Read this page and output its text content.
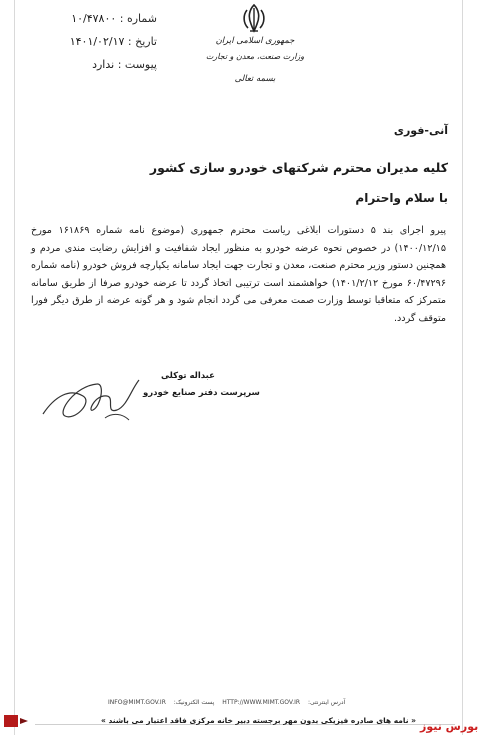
جمهوری اسلامی ایران
وزارت صنعت، معدن و تجارت
بسمه تعالی
شماره : ۱۰/۴۷۸۰۰
تاریخ : ۱۴۰۱/۰۲/۱۷
پیوست : ندارد
آنی-فوری
کلیه مدیران محترم شرکتهای خودرو سازی کشور
با سلام واحترام
پیرو اجرای بند ۵ دستورات ابلاغی ریاست محترم جمهوری (موضوع نامه شماره ۱۶۱۸۶۹ مورخ ۱۴۰۰/۱۲/۱۵) در خصوص نحوه عرضه خودرو به منظور ایجاد شفافیت و افزایش رضایت مندی مردم و همچنین دستور وزیر محترم صنعت، معدن و تجارت جهت ایجاد سامانه یکپارچه فروش خودرو (نامه شماره ۶۰/۴۷۲۹۶ مورخ ۱۴۰۱/۲/۱۲) خواهشمند است ترتیبی اتخاذ گردد تا عرضه خودرو صرفا از طریق سامانه متمرکز که متعاقبا توسط وزارت صمت معرفی می گردد انجام شود و هر گونه عرضه از طرق دیگر فورا متوقف گردد.
عبداله توکلی
سرپرست دفتر صنایع خودرو
آدرس اینترنتی: HTTP://WWW.MIMT.GOV.IR پست الکترونیک: INFO@MIMT.GOV.IR
« نامه های صادره فیزیکی بدون مهر برجسته دبیر خانه مرکزی فاقد اعتبار می باشند » بورس نیوز
